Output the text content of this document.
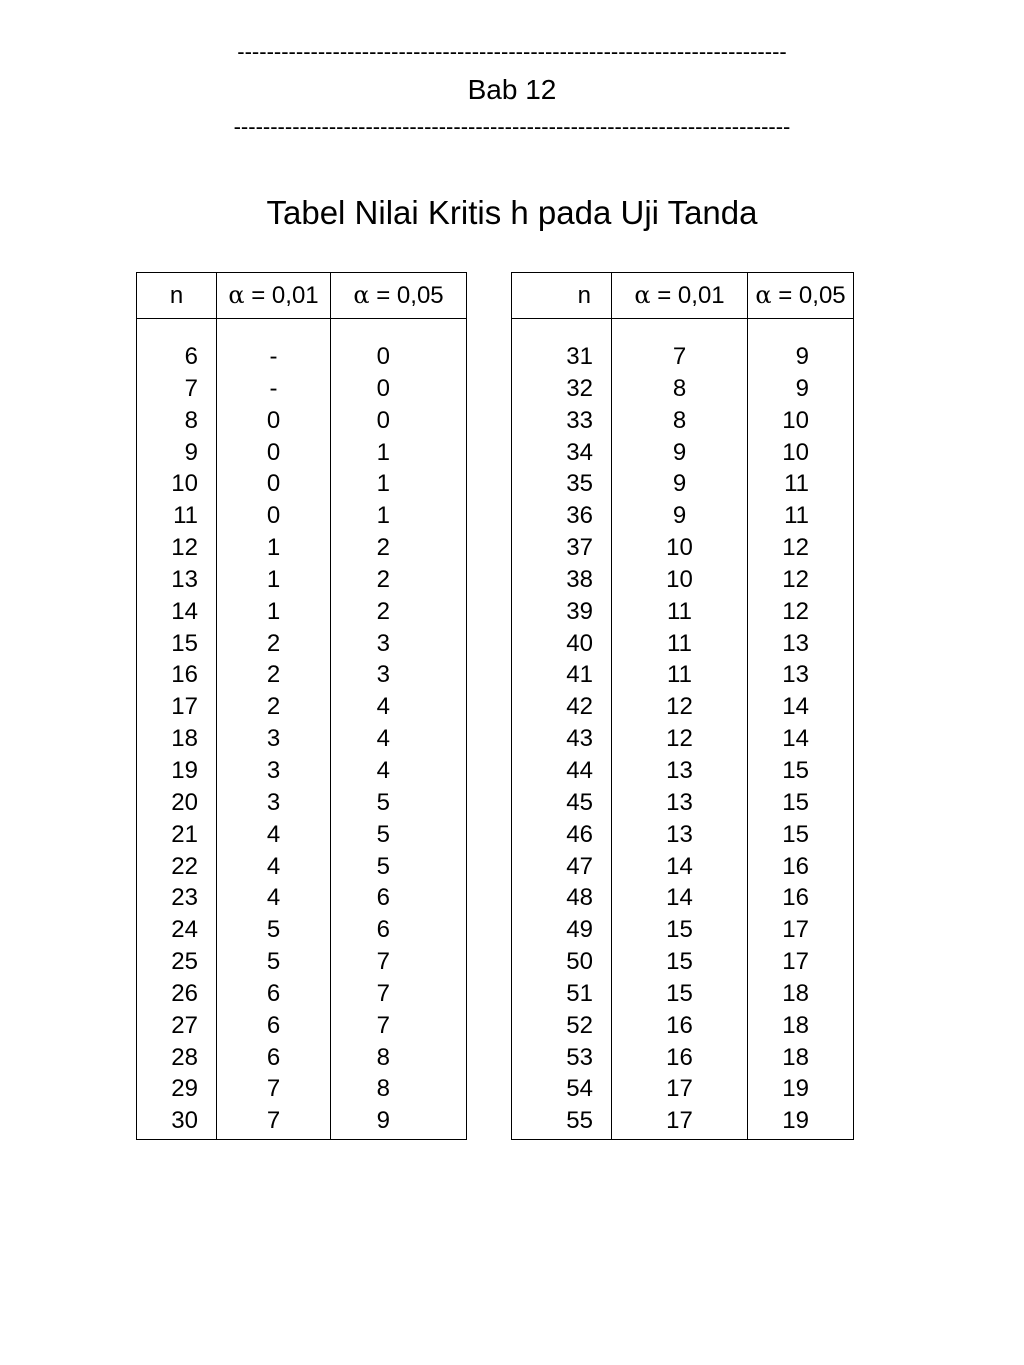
---------------------------------------------------------------------------
Bab 12
----------------------------------------------------------------------------
Tabel Nilai Kritis h pada Uji Tanda
n	α = 0,01	α = 0,05

6	-	0
7	-	0
8	0	0
9	0	1
10	0	1
11	0	1
12	1	2
13	1	2
14	1	2
15	2	3
16	2	3
17	2	4
18	3	4
19	3	4
20	3	5
21	4	5
22	4	5
23	4	6
24	5	6
25	5	7
26	6	7
27	6	7
28	6	8
29	7	8
30	7	9
n	α = 0,01	α = 0,05

31	7	9
32	8	9
33	8	10
34	9	10
35	9	11
36	9	11
37	10	12
38	10	12
39	11	12
40	11	13
41	11	13
42	12	14
43	12	14
44	13	15
45	13	15
46	13	15
47	14	16
48	14	16
49	15	17
50	15	17
51	15	18
52	16	18
53	16	18
54	17	19
55	17	19
